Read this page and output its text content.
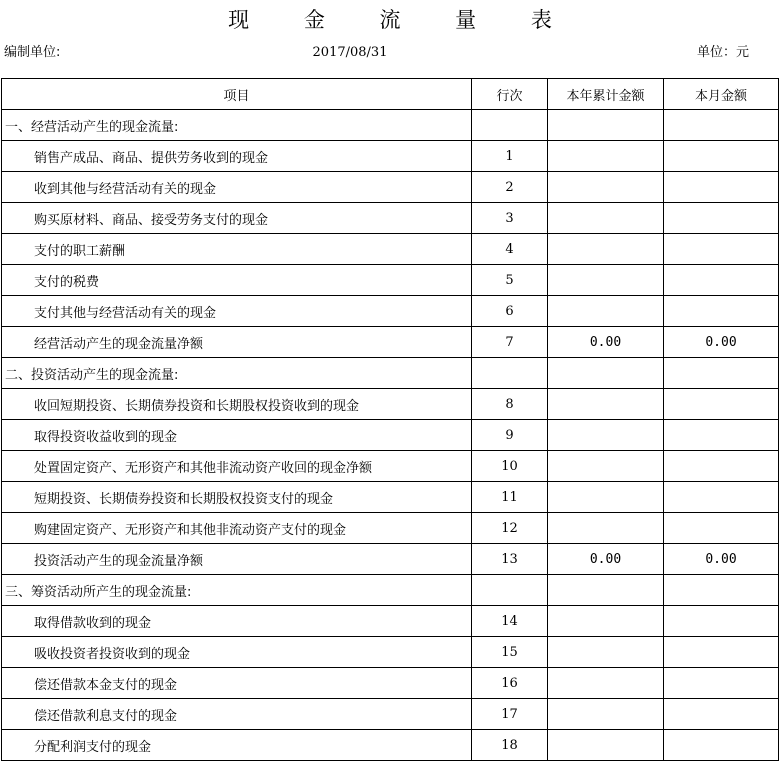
现 金 流 量 表
编制单位:	2017/08/31	单位：元
项目	行次	本年累计金额	本月金额
一、经营活动产生的现金流量:			
销售产成品、商品、提供劳务收到的现金	1		
收到其他与经营活动有关的现金	2		
购买原材料、商品、接受劳务支付的现金	3		
支付的职工薪酬	4		
支付的税费	5		
支付其他与经营活动有关的现金	6		
经营活动产生的现金流量净额	7	0.00	0.00
二、投资活动产生的现金流量:			
收回短期投资、长期债券投资和长期股权投资收到的现金	8		
取得投资收益收到的现金	9		
处置固定资产、无形资产和其他非流动资产收回的现金净额	10		
短期投资、长期债券投资和长期股权投资支付的现金	11		
购建固定资产、无形资产和其他非流动资产支付的现金	12		
投资活动产生的现金流量净额	13	0.00	0.00
三、筹资活动所产生的现金流量:			
取得借款收到的现金	14		
吸收投资者投资收到的现金	15		
偿还借款本金支付的现金	16		
偿还借款利息支付的现金	17		
分配利润支付的现金	18		
